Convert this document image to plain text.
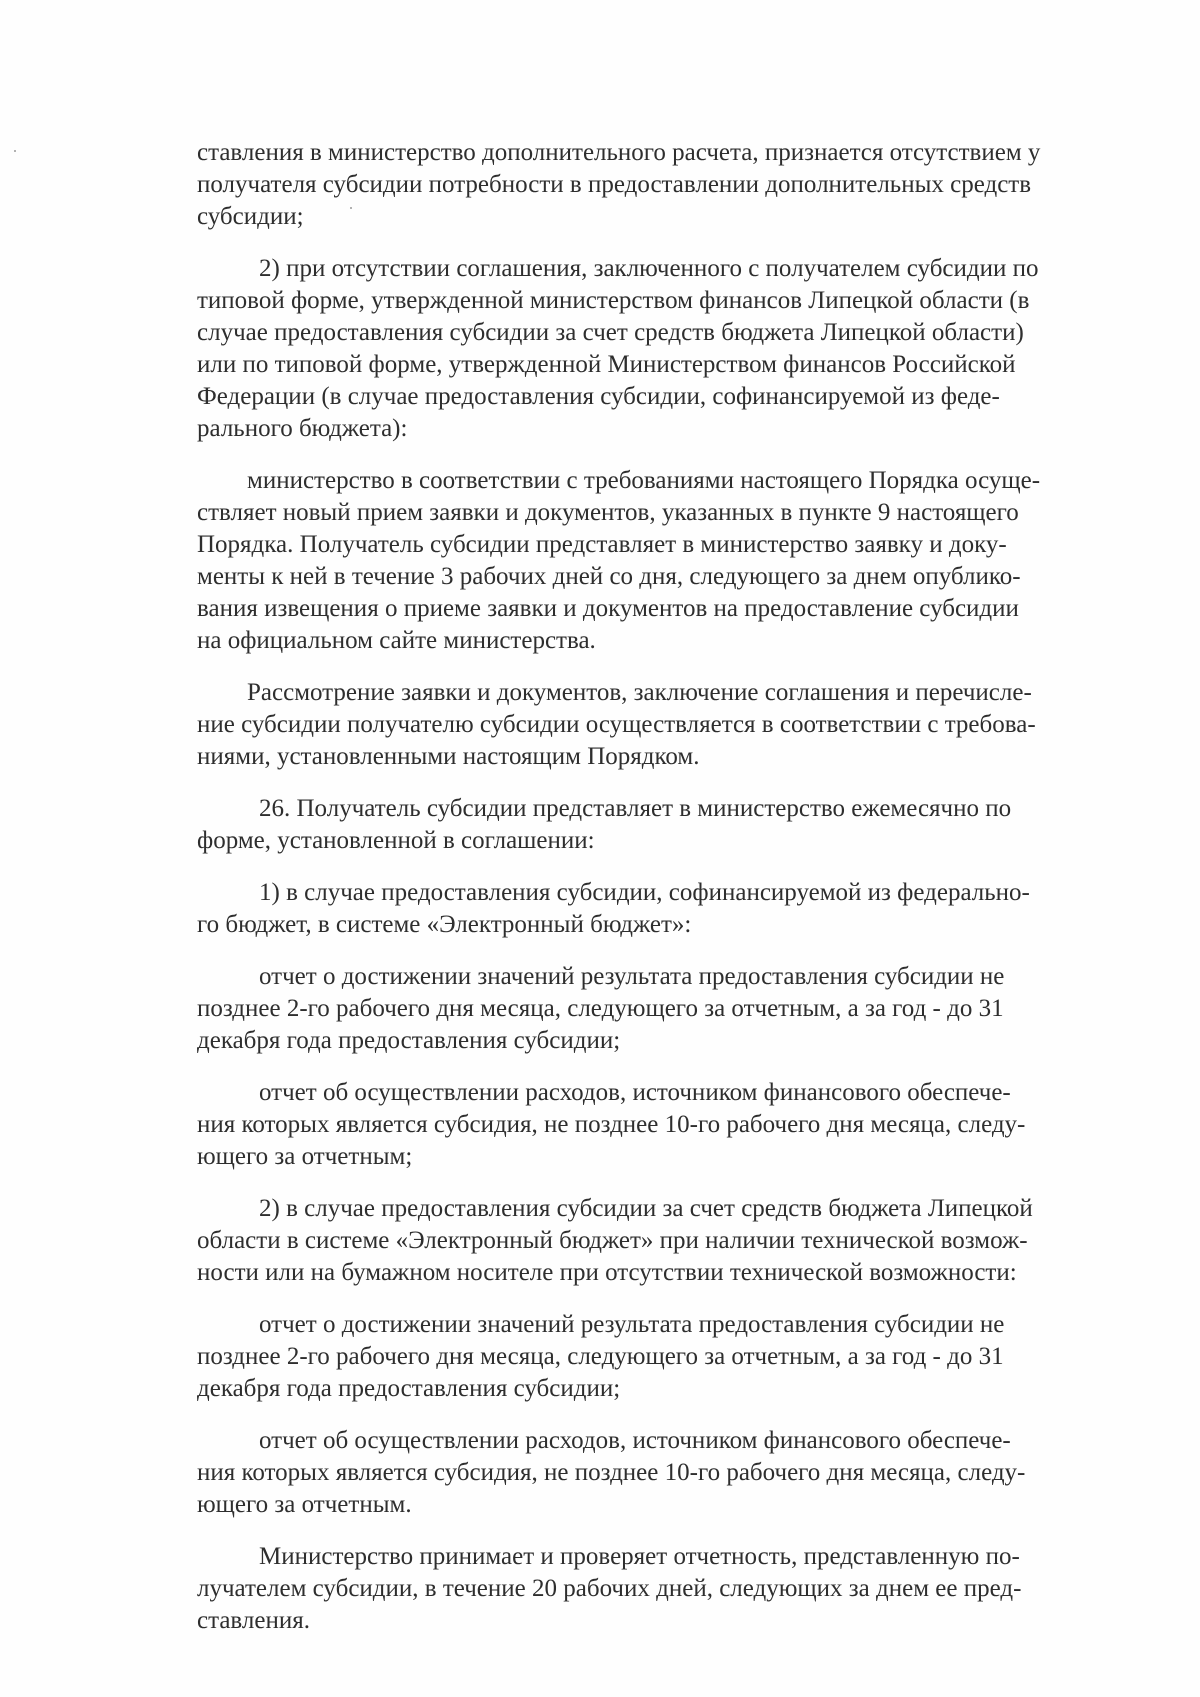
ставления в министерство дополнительного расчета, признается отсутствием у
получателя субсидии потребности в предоставлении дополнительных средств
субсидии;

2) при отсутствии соглашения, заключенного с получателем субсидии по
типовой форме, утвержденной министерством финансов Липецкой области (в
случае предоставления субсидии за счет средств бюджета Липецкой области)
или по типовой форме, утвержденной Министерством финансов Российской
Федерации (в случае предоставления субсидии, софинансируемой из феде-
рального бюджета):

министерство в соответствии с требованиями настоящего Порядка осуще-
ствляет новый прием заявки и документов, указанных в пункте 9 настоящего
Порядка. Получатель субсидии представляет в министерство заявку и доку-
менты к ней в течение 3 рабочих дней со дня, следующего за днем опублико-
вания извещения о приеме заявки и документов на предоставление субсидии
на официальном сайте министерства.

Рассмотрение заявки и документов, заключение соглашения и перечисле-
ние субсидии получателю субсидии осуществляется в соответствии с требова-
ниями, установленными настоящим Порядком.

26. Получатель субсидии представляет в министерство ежемесячно по
форме, установленной в соглашении:

1) в случае предоставления субсидии, софинансируемой из федерально-
го бюджет, в системе «Электронный бюджет»:

отчет о достижении значений результата предоставления субсидии не
позднее 2-го рабочего дня месяца, следующего за отчетным, а за год - до 31
декабря года предоставления субсидии;

отчет об осуществлении расходов, источником финансового обеспече-
ния которых является субсидия, не позднее 10-го рабочего дня месяца, следу-
ющего за отчетным;

2) в случае предоставления субсидии за счет средств бюджета Липецкой
области в системе «Электронный бюджет» при наличии технической возмож-
ности или на бумажном носителе при отсутствии технической возможности:

отчет о достижении значений результата предоставления субсидии не
позднее 2-го рабочего дня месяца, следующего за отчетным, а за год - до 31
декабря года предоставления субсидии;

отчет об осуществлении расходов, источником финансового обеспече-
ния которых является субсидия, не позднее 10-го рабочего дня месяца, следу-
ющего за отчетным.

Министерство принимает и проверяет отчетность, представленную по-
лучателем субсидии, в течение 20 рабочих дней, следующих за днем ее пред-
ставления.
